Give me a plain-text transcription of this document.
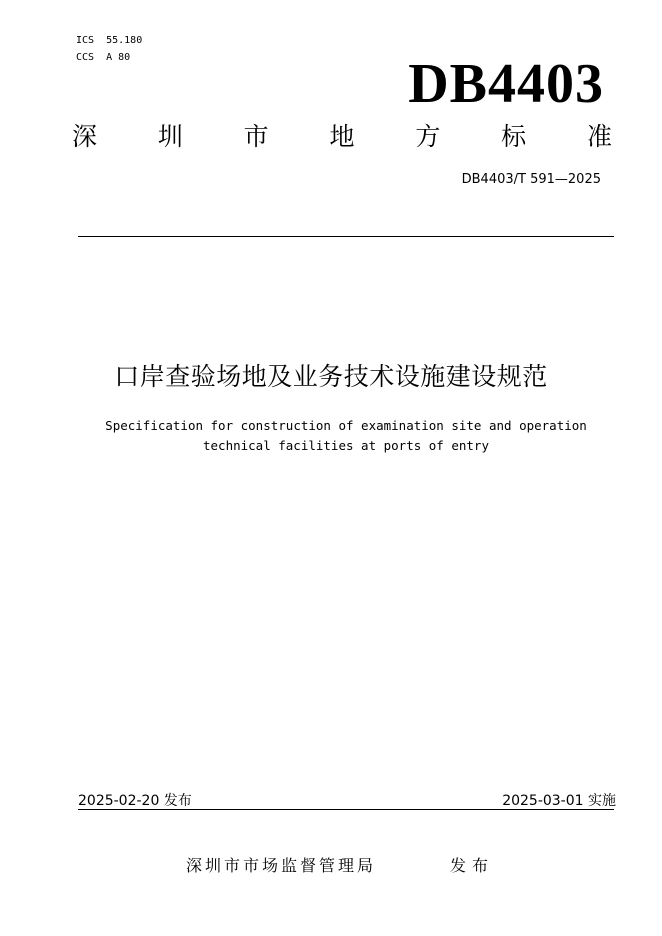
ICS  55.180
CCS  A 80	DB4403
深 圳 市 地 方 标 准
DB4403/T 591—2025
口岸查验场地及业务技术设施建设规范
Specification for construction of examination site and operation
technical facilities at ports of entry
2025-02-20 发布	2025-03-01 实施
深圳市市场监督管理局	发布
